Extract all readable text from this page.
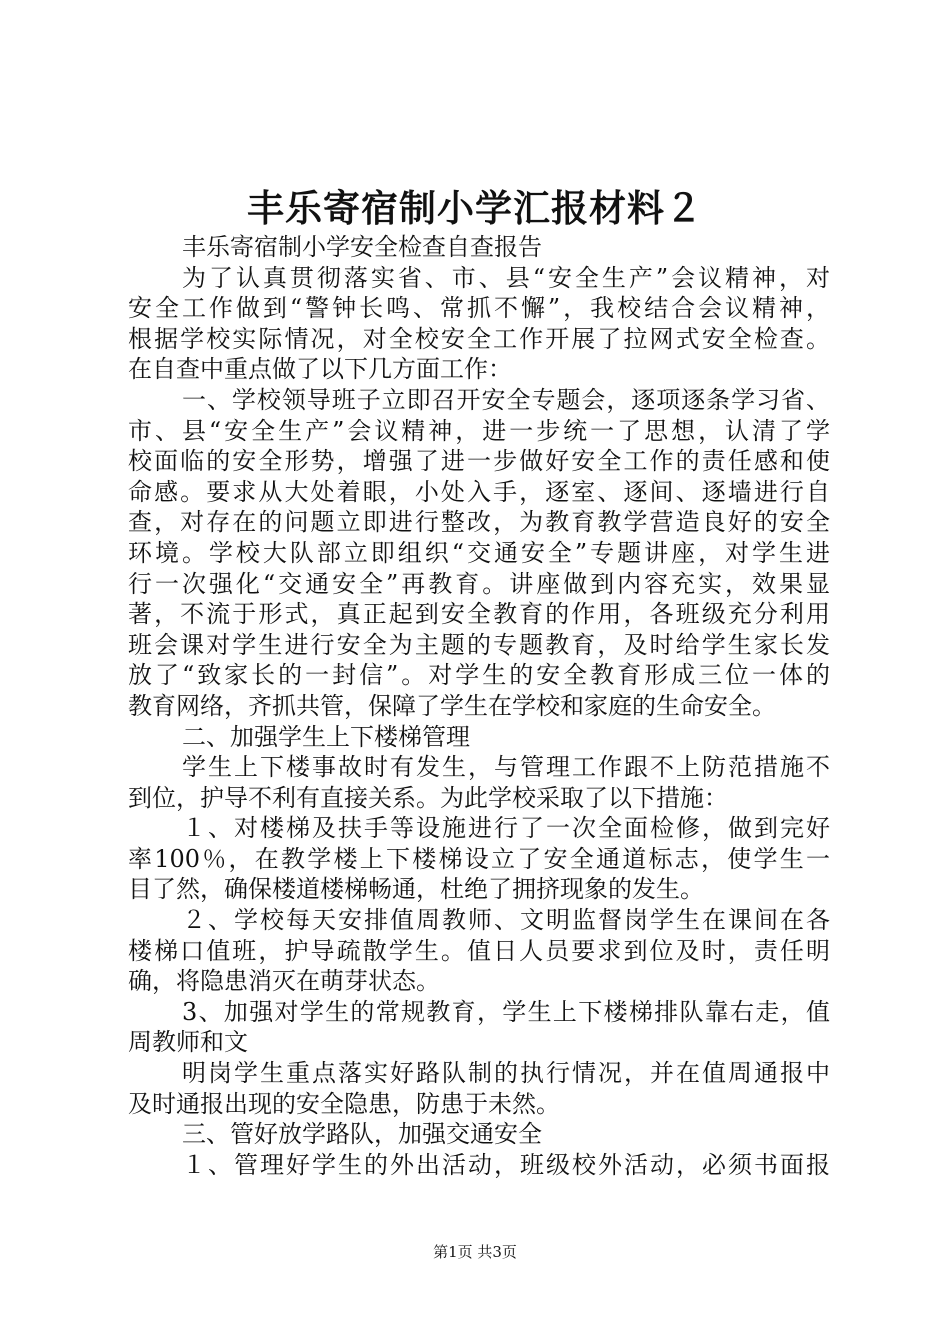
丰乐寄宿制小学汇报材料２
丰乐寄宿制小学安全检查自查报告
为了认真贯彻落实省、市、县“安全生产”会议精神，对
安全工作做到“警钟长鸣、常抓不懈”，我校结合会议精神，
根据学校实际情况，对全校安全工作开展了拉网式安全检查。
在自查中重点做了以下几方面工作：
一、学校领导班子立即召开安全专题会，逐项逐条学习省、
市、县“安全生产”会议精神，进一步统一了思想，认清了学
校面临的安全形势，增强了进一步做好安全工作的责任感和使
命感。要求从大处着眼，小处入手，逐室、逐间、逐墙进行自
查，对存在的问题立即进行整改，为教育教学营造良好的安全
环境。学校大队部立即组织“交通安全”专题讲座，对学生进
行一次强化“交通安全”再教育。讲座做到内容充实，效果显
著，不流于形式，真正起到安全教育的作用，各班级充分利用
班会课对学生进行安全为主题的专题教育，及时给学生家长发
放了“致家长的一封信”。对学生的安全教育形成三位一体的
教育网络，齐抓共管，保障了学生在学校和家庭的生命安全。
二、加强学生上下楼梯管理
学生上下楼事故时有发生，与管理工作跟不上防范措施不
到位，护导不利有直接关系。为此学校采取了以下措施：
１、对楼梯及扶手等设施进行了一次全面检修，做到完好
率100％，在教学楼上下楼梯设立了安全通道标志，使学生一
目了然，确保楼道楼梯畅通，杜绝了拥挤现象的发生。
２、学校每天安排值周教师、文明监督岗学生在课间在各
楼梯口值班，护导疏散学生。值日人员要求到位及时，责任明
确，将隐患消灭在萌芽状态。
3、加强对学生的常规教育，学生上下楼梯排队靠右走，值
周教师和文
明岗学生重点落实好路队制的执行情况，并在值周通报中
及时通报出现的安全隐患，防患于未然。
三、管好放学路队，加强交通安全
１、管理好学生的外出活动，班级校外活动，必须书面报
第1页 共3页
